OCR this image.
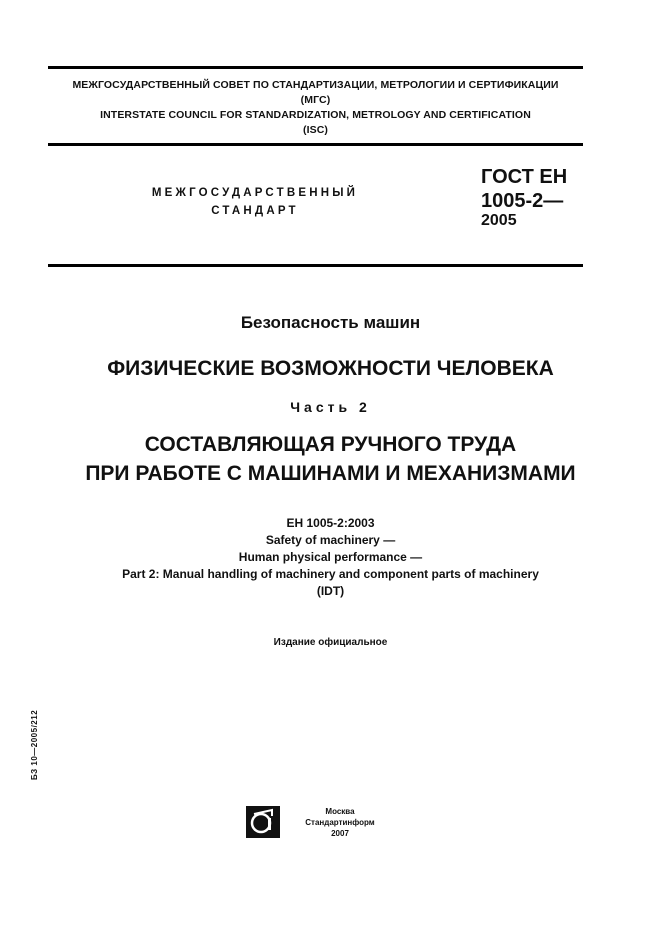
МЕЖГОСУДАРСТВЕННЫЙ СОВЕТ ПО СТАНДАРТИЗАЦИИ, МЕТРОЛОГИИ И СЕРТИФИКАЦИИ
(МГС)
INTERSTATE COUNCIL FOR STANDARDIZATION, METROLOGY AND CERTIFICATION
(ISC)
МЕЖГОСУДАРСТВЕННЫЙ
СТАНДАРТ
ГОСТ ЕН
1005-2—
2005
Безопасность машин
ФИЗИЧЕСКИЕ ВОЗМОЖНОСТИ ЧЕЛОВЕКА
Часть 2
СОСТАВЛЯЮЩАЯ РУЧНОГО ТРУДА
ПРИ РАБОТЕ С МАШИНАМИ И МЕХАНИЗМАМИ
ЕН 1005-2:2003
Safety of machinery —
Human physical performance —
Part 2: Manual handling of machinery and component parts of machinery
(IDT)
Издание официальное
БЗ 10—2005/212
Москва
Стандартинформ
2007
